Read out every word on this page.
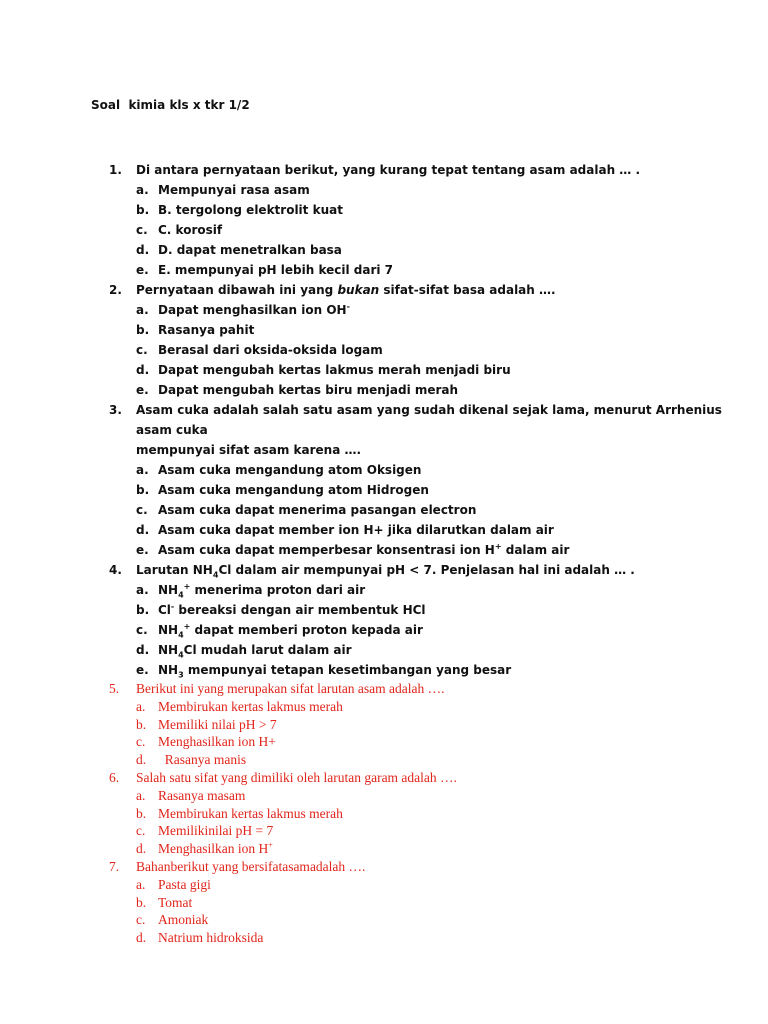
Soal  kimia kls x tkr 1/2
1.	Di antara pernyataan berikut, yang kurang tepat tentang asam adalah … .
a. Mempunyai rasa asam
b. B. tergolong elektrolit kuat
c. C. korosif
d. D. dapat menetralkan basa
e. E. mempunyai pH lebih kecil dari 7
2.	Pernyataan dibawah ini yang bukan sifat-sifat basa adalah ….
a. Dapat menghasilkan ion OH-
b. Rasanya pahit
c. Berasal dari oksida-oksida logam
d. Dapat mengubah kertas lakmus merah menjadi biru
e. Dapat mengubah kertas biru menjadi merah
3.	Asam cuka adalah salah satu asam yang sudah dikenal sejak lama, menurut Arrhenius asam cuka
mempunyai sifat asam karena ….
a. Asam cuka mengandung atom Oksigen
b. Asam cuka mengandung atom Hidrogen
c. Asam cuka dapat menerima pasangan electron
d. Asam cuka dapat member ion H+ jika dilarutkan dalam air
e. Asam cuka dapat memperbesar konsentrasi ion H+ dalam air
4.	Larutan $NH_4Cl$ dalam air mempunyai pH < 7. Penjelasan hal ini adalah … .
a. $NH_4^+$ menerima proton dari air
b. Cl- bereaksi dengan air membentuk HCl
c. $NH_4^+$ dapat memberi proton kepada air
d. $NH_4Cl$ mudah larut dalam air
e. $NH_3$ mempunyai tetapan kesetimbangan yang besar
5.	Berikut ini yang merupakan sifat larutan asam adalah ….
a. Membirukan kertas lakmus merah
b. Memiliki nilai pH > 7
c. Menghasilkan ion H+
d. Rasanya manis
6.	Salah satu sifat yang dimiliki oleh larutan garam adalah ….
a. Rasanya masam
b. Membirukan kertas lakmus merah
c. Memilikinilai pH = 7
d. Menghasilkan ion H+
7.	Bahanberikut yang bersifatasamadalah ….
a. Pasta gigi
b. Tomat
c. Amoniak
d. Natrium hidroksida
